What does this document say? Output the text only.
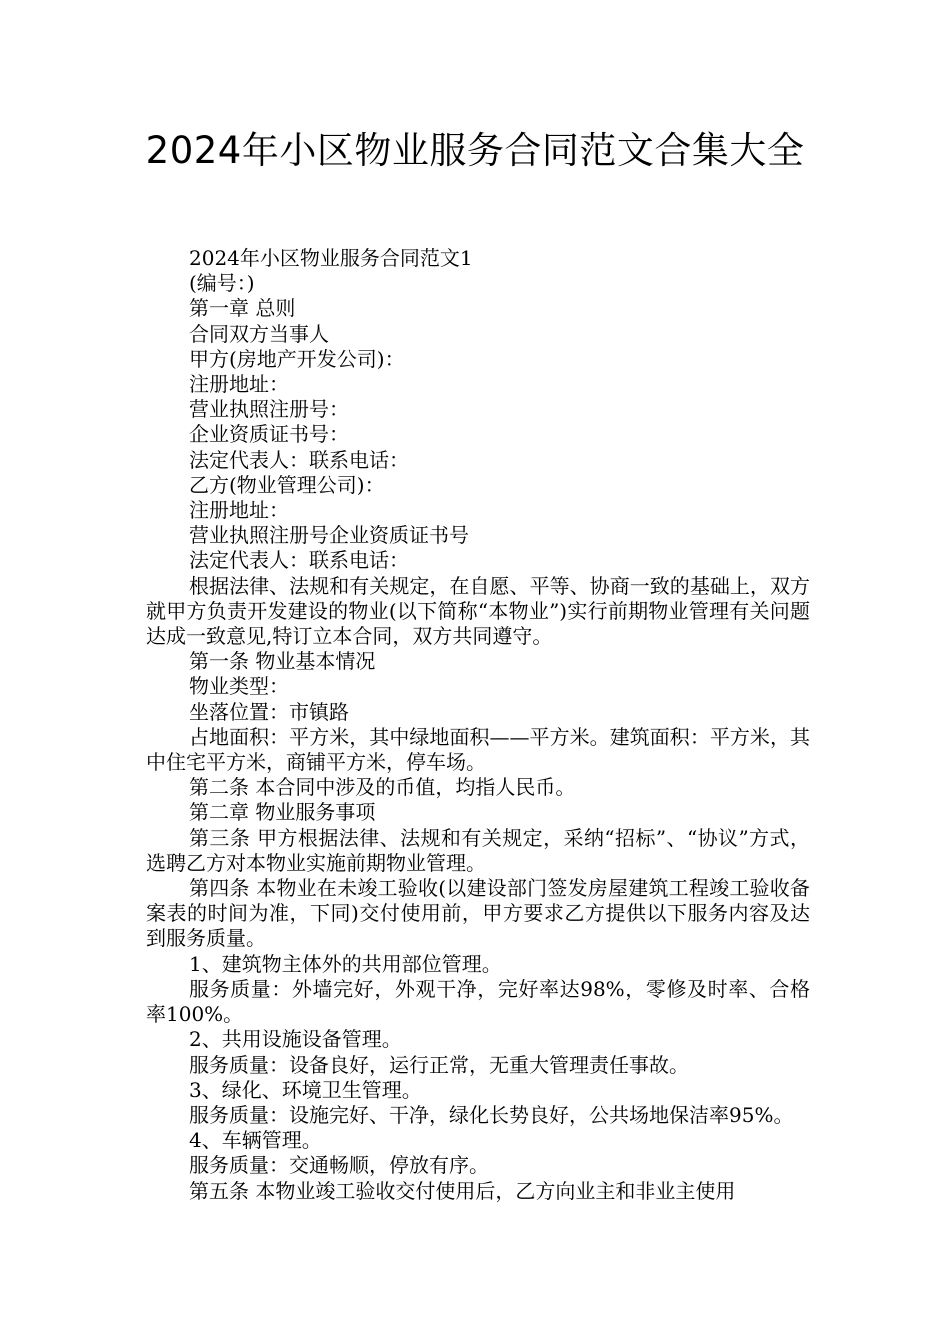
2024年小区物业服务合同范文合集大全

2024年小区物业服务合同范文1

(编号：)

第一章 总则

合同双方当事人

甲方(房地产开发公司)：

注册地址：

营业执照注册号：

企业资质证书号：

法定代表人：联系电话：

乙方(物业管理公司)：

注册地址：

营业执照注册号企业资质证书号

法定代表人：联系电话：

根据法律、法规和有关规定，在自愿、平等、协商一致的基础上，双方就甲方负责开发建设的物业(以下简称“本物业”)实行前期物业管理有关问题达成一致意见,特订立本合同，双方共同遵守。

第一条 物业基本情况

物业类型：

坐落位置：市镇路

占地面积：平方米，其中绿地面积——平方米。建筑面积：平方米，其中住宅平方米，商铺平方米，停车场。

第二条 本合同中涉及的币值，均指人民币。

第二章 物业服务事项

第三条 甲方根据法律、法规和有关规定，采纳“招标”、“协议”方式，选聘乙方对本物业实施前期物业管理。

第四条 本物业在未竣工验收(以建设部门签发房屋建筑工程竣工验收备案表的时间为准，下同)交付使用前，甲方要求乙方提供以下服务内容及达到服务质量。

1、建筑物主体外的共用部位管理。

服务质量：外墙完好，外观干净，完好率达98%，零修及时率、合格率100%。

2、共用设施设备管理。

服务质量：设备良好，运行正常，无重大管理责任事故。

3、绿化、环境卫生管理。

服务质量：设施完好、干净，绿化长势良好，公共场地保洁率95%。

4、车辆管理。

服务质量：交通畅顺，停放有序。

第五条 本物业竣工验收交付使用后，乙方向业主和非业主使用
